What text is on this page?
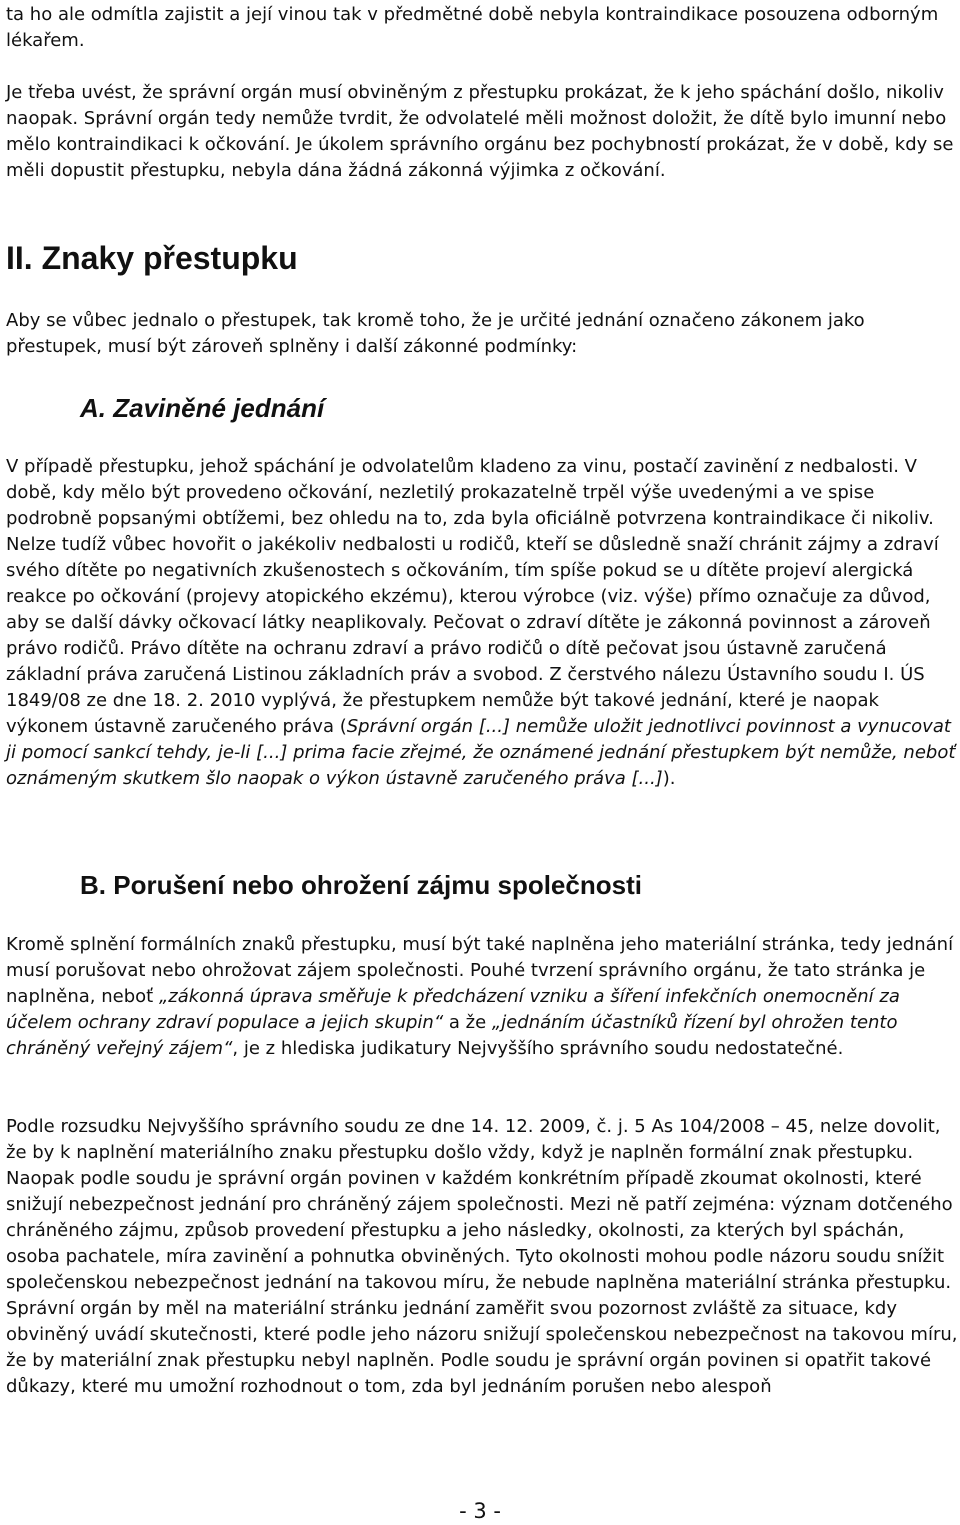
ta ho ale odmítla zajistit a její vinou tak v předmětné době nebyla kontraindikace posouzena odborným lékařem.

Je třeba uvést, že správní orgán musí obviněným z přestupku prokázat, že k jeho spáchání došlo, nikoliv naopak. Správní orgán tedy nemůže tvrdit, že odvolatelé měli možnost doložit, že dítě bylo imunní nebo mělo kontraindikaci k očkování. Je úkolem správního orgánu bez pochybností prokázat, že v době, kdy se měli dopustit přestupku, nebyla dána žádná zákonná výjimka z očkování.

II. Znaky přestupku

Aby se vůbec jednalo o přestupek, tak kromě toho, že je určité jednání označeno zákonem jako přestupek, musí být zároveň splněny i další zákonné podmínky:

A. Zaviněné jednání

V případě přestupku, jehož spáchání je odvolatelům kladeno za vinu, postačí zavinění z nedbalosti. V době, kdy mělo být provedeno očkování, nezletilý prokazatelně trpěl výše uvedenými a ve spise podrobně popsanými obtížemi, bez ohledu na to, zda byla oficiálně potvrzena kontraindikace či nikoliv. Nelze tudíž vůbec hovořit o jakékoliv nedbalosti u rodičů, kteří se důsledně snaží chránit zájmy a zdraví svého dítěte po negativních zkušenostech s očkováním, tím spíše pokud se u dítěte projeví alergická reakce po očkování (projevy atopického ekzému), kterou výrobce (viz. výše) přímo označuje za důvod, aby se další dávky očkovací látky neaplikovaly. Pečovat o zdraví dítěte je zákonná povinnost a zároveň právo rodičů. Právo dítěte na ochranu zdraví a právo rodičů o dítě pečovat jsou ústavně zaručená základní práva zaručená Listinou základních práv a svobod. Z čerstvého nálezu Ústavního soudu I. ÚS 1849/08 ze dne 18. 2. 2010 vyplývá, že přestupkem nemůže být takové jednání, které je naopak výkonem ústavně zaručeného práva (Správní orgán [...] nemůže uložit jednotlivci povinnost a vynucovat ji pomocí sankcí tehdy, je-li [...] prima facie zřejmé, že oznámené jednání přestupkem být nemůže, neboť oznámeným skutkem šlo naopak o výkon ústavně zaručeného práva [...]).

B. Porušení nebo ohrožení zájmu společnosti

Kromě splnění formálních znaků přestupku, musí být také naplněna jeho materiální stránka, tedy jednání musí porušovat nebo ohrožovat zájem společnosti. Pouhé tvrzení správního orgánu, že tato stránka je naplněna, neboť „zákonná úprava směřuje k předcházení vzniku a šíření infekčních onemocnění za účelem ochrany zdraví populace a jejich skupin“ a že „jednáním účastníků řízení byl ohrožen tento chráněný veřejný zájem“, je z hlediska judikatury Nejvyššího správního soudu nedostatečné.

Podle rozsudku Nejvyššího správního soudu ze dne 14. 12. 2009, č. j. 5 As 104/2008 – 45, nelze dovolit, že by k naplnění materiálního znaku přestupku došlo vždy, když je naplněn formální znak přestupku. Naopak podle soudu je správní orgán povinen v každém konkrétním případě zkoumat okolnosti, které snižují nebezpečnost jednání pro chráněný zájem společnosti. Mezi ně patří zejména: význam dotčeného chráněného zájmu, způsob provedení přestupku a jeho následky, okolnosti, za kterých byl spáchán, osoba pachatele, míra zavinění a pohnutka obviněných. Tyto okolnosti mohou podle názoru soudu snížit společenskou nebezpečnost jednání na takovou míru, že nebude naplněna materiální stránka přestupku. Správní orgán by měl na materiální stránku jednání zaměřit svou pozornost zvláště za situace, kdy obviněný uvádí skutečnosti, které podle jeho názoru snižují společenskou nebezpečnost na takovou míru, že by materiální znak přestupku nebyl naplněn. Podle soudu je správní orgán povinen si opatřit takové důkazy, které mu umožní rozhodnout o tom, zda byl jednáním porušen nebo alespoň

- 3 -
